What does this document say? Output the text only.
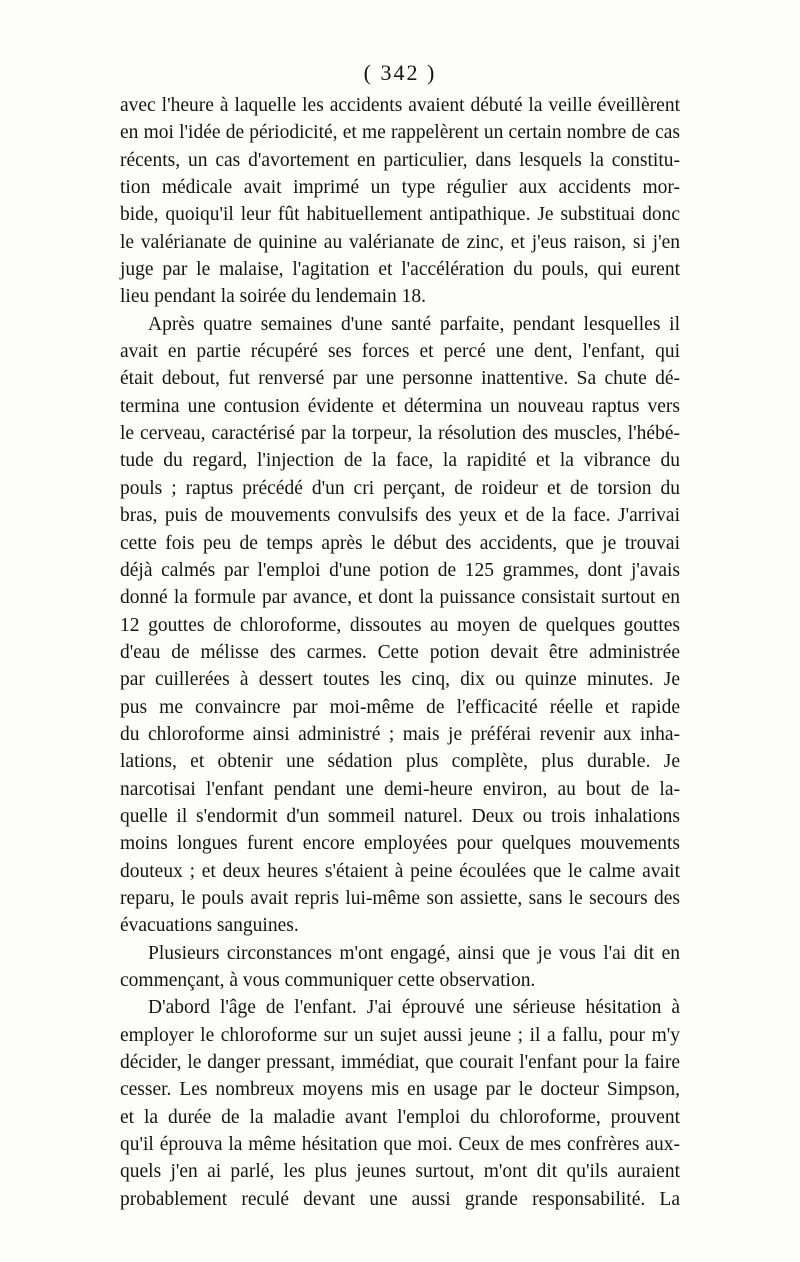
( 342 )
avec l'heure à laquelle les accidents avaient débuté la veille éveillèrent
en moi l'idée de périodicité, et me rappelèrent un certain nombre de cas
récents, un cas d'avortement en particulier, dans lesquels la constitu-
tion médicale avait imprimé un type régulier aux accidents mor-
bide, quoiqu'il leur fût habituellement antipathique. Je substituai donc
le valérianate de quinine au valérianate de zinc, et j'eus raison, si j'en
juge par le malaise, l'agitation et l'accélération du pouls, qui eurent
lieu pendant la soirée du lendemain 18.
Après quatre semaines d'une santé parfaite, pendant lesquelles il
avait en partie récupéré ses forces et percé une dent, l'enfant, qui
était debout, fut renversé par une personne inattentive. Sa chute dé-
termina une contusion évidente et détermina un nouveau raptus vers
le cerveau, caractérisé par la torpeur, la résolution des muscles, l'hébé-
tude du regard, l'injection de la face, la rapidité et la vibrance du
pouls ; raptus précédé d'un cri perçant, de roideur et de torsion du
bras, puis de mouvements convulsifs des yeux et de la face. J'arrivai
cette fois peu de temps après le début des accidents, que je trouvai
déjà calmés par l'emploi d'une potion de 125 grammes, dont j'avais
donné la formule par avance, et dont la puissance consistait surtout en
12 gouttes de chloroforme, dissoutes au moyen de quelques gouttes
d'eau de mélisse des carmes. Cette potion devait être administrée
par cuillerées à dessert toutes les cinq, dix ou quinze minutes. Je
pus me convaincre par moi-même de l'efficacité réelle et rapide
du chloroforme ainsi administré ; mais je préférai revenir aux inha-
lations, et obtenir une sédation plus complète, plus durable. Je
narcotisai l'enfant pendant une demi-heure environ, au bout de la-
quelle il s'endormit d'un sommeil naturel. Deux ou trois inhalations
moins longues furent encore employées pour quelques mouvements
douteux ; et deux heures s'étaient à peine écoulées que le calme avait
reparu, le pouls avait repris lui-même son assiette, sans le secours des
évacuations sanguines.
Plusieurs circonstances m'ont engagé, ainsi que je vous l'ai dit en
commençant, à vous communiquer cette observation.
D'abord l'âge de l'enfant. J'ai éprouvé une sérieuse hésitation à
employer le chloroforme sur un sujet aussi jeune ; il a fallu, pour m'y
décider, le danger pressant, immédiat, que courait l'enfant pour la faire
cesser. Les nombreux moyens mis en usage par le docteur Simpson,
et la durée de la maladie avant l'emploi du chloroforme, prouvent
qu'il éprouva la même hésitation que moi. Ceux de mes confrères aux-
quels j'en ai parlé, les plus jeunes surtout, m'ont dit qu'ils auraient
probablement reculé devant une aussi grande responsabilité. La
